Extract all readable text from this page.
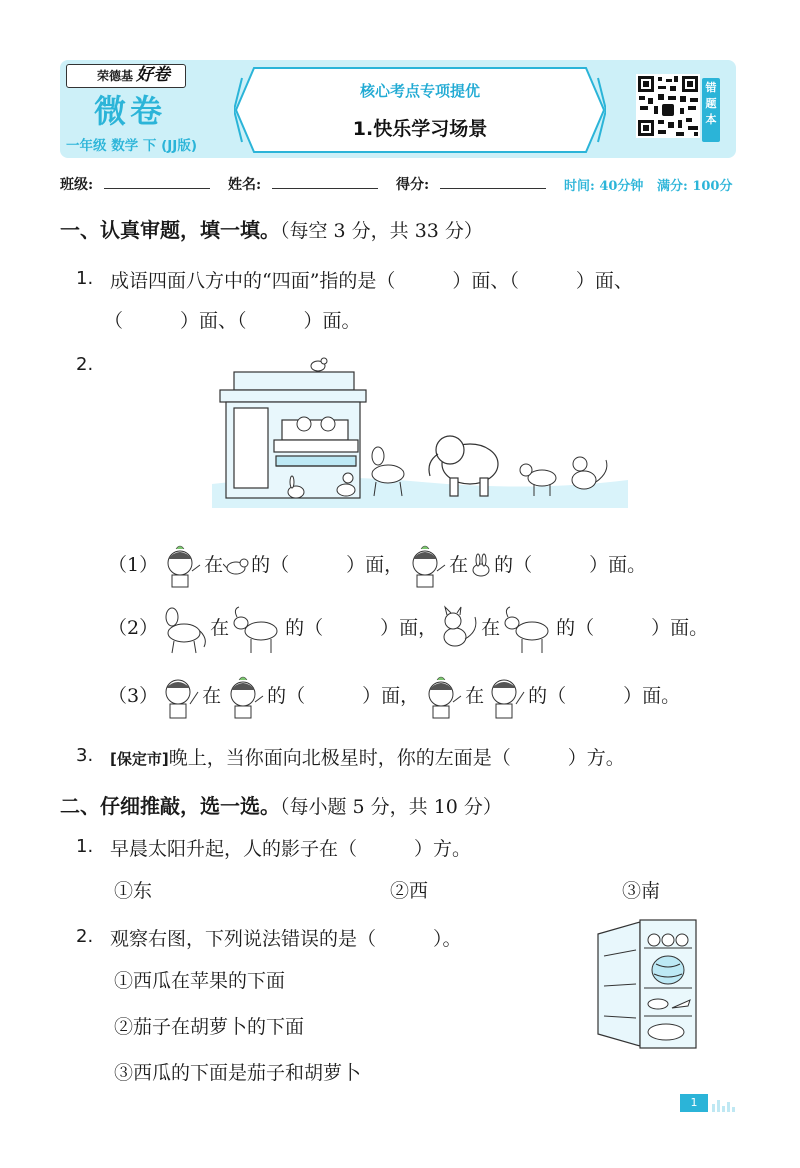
荣德基 好卷
微卷
一年级 数学 下 (JJ版)
核心考点专项提优
1.快乐学习场景
错
题
本
班级:	姓名:	得分:	时间: 40分钟 满分: 100分
一、认真审题，填一填。（每空 3 分，共 33 分）
1. 成语四面八方中的“四面”指的是（　　　）面、（　　　）面、
（　　　）面、（　　　）面。
2.
（1） 在 的（　　　）面， 在 的（　　　）面。
（2）	在	的（　　　）面， 在	的（　　　）面。
（3） 在 的（　　　）面， 在 的（　　　）面。
3. [保定市]晚上，当你面向北极星时，你的左面是（　　　）方。
二、仔细推敲，选一选。（每小题 5 分，共 10 分）
1. 早晨太阳升起，人的影子在（　　　）方。
①东	②西	③南
2. 观察右图，下列说法错误的是（　　　）。
①西瓜在苹果的下面
②茄子在胡萝卜的下面
③西瓜的下面是茄子和胡萝卜
1
